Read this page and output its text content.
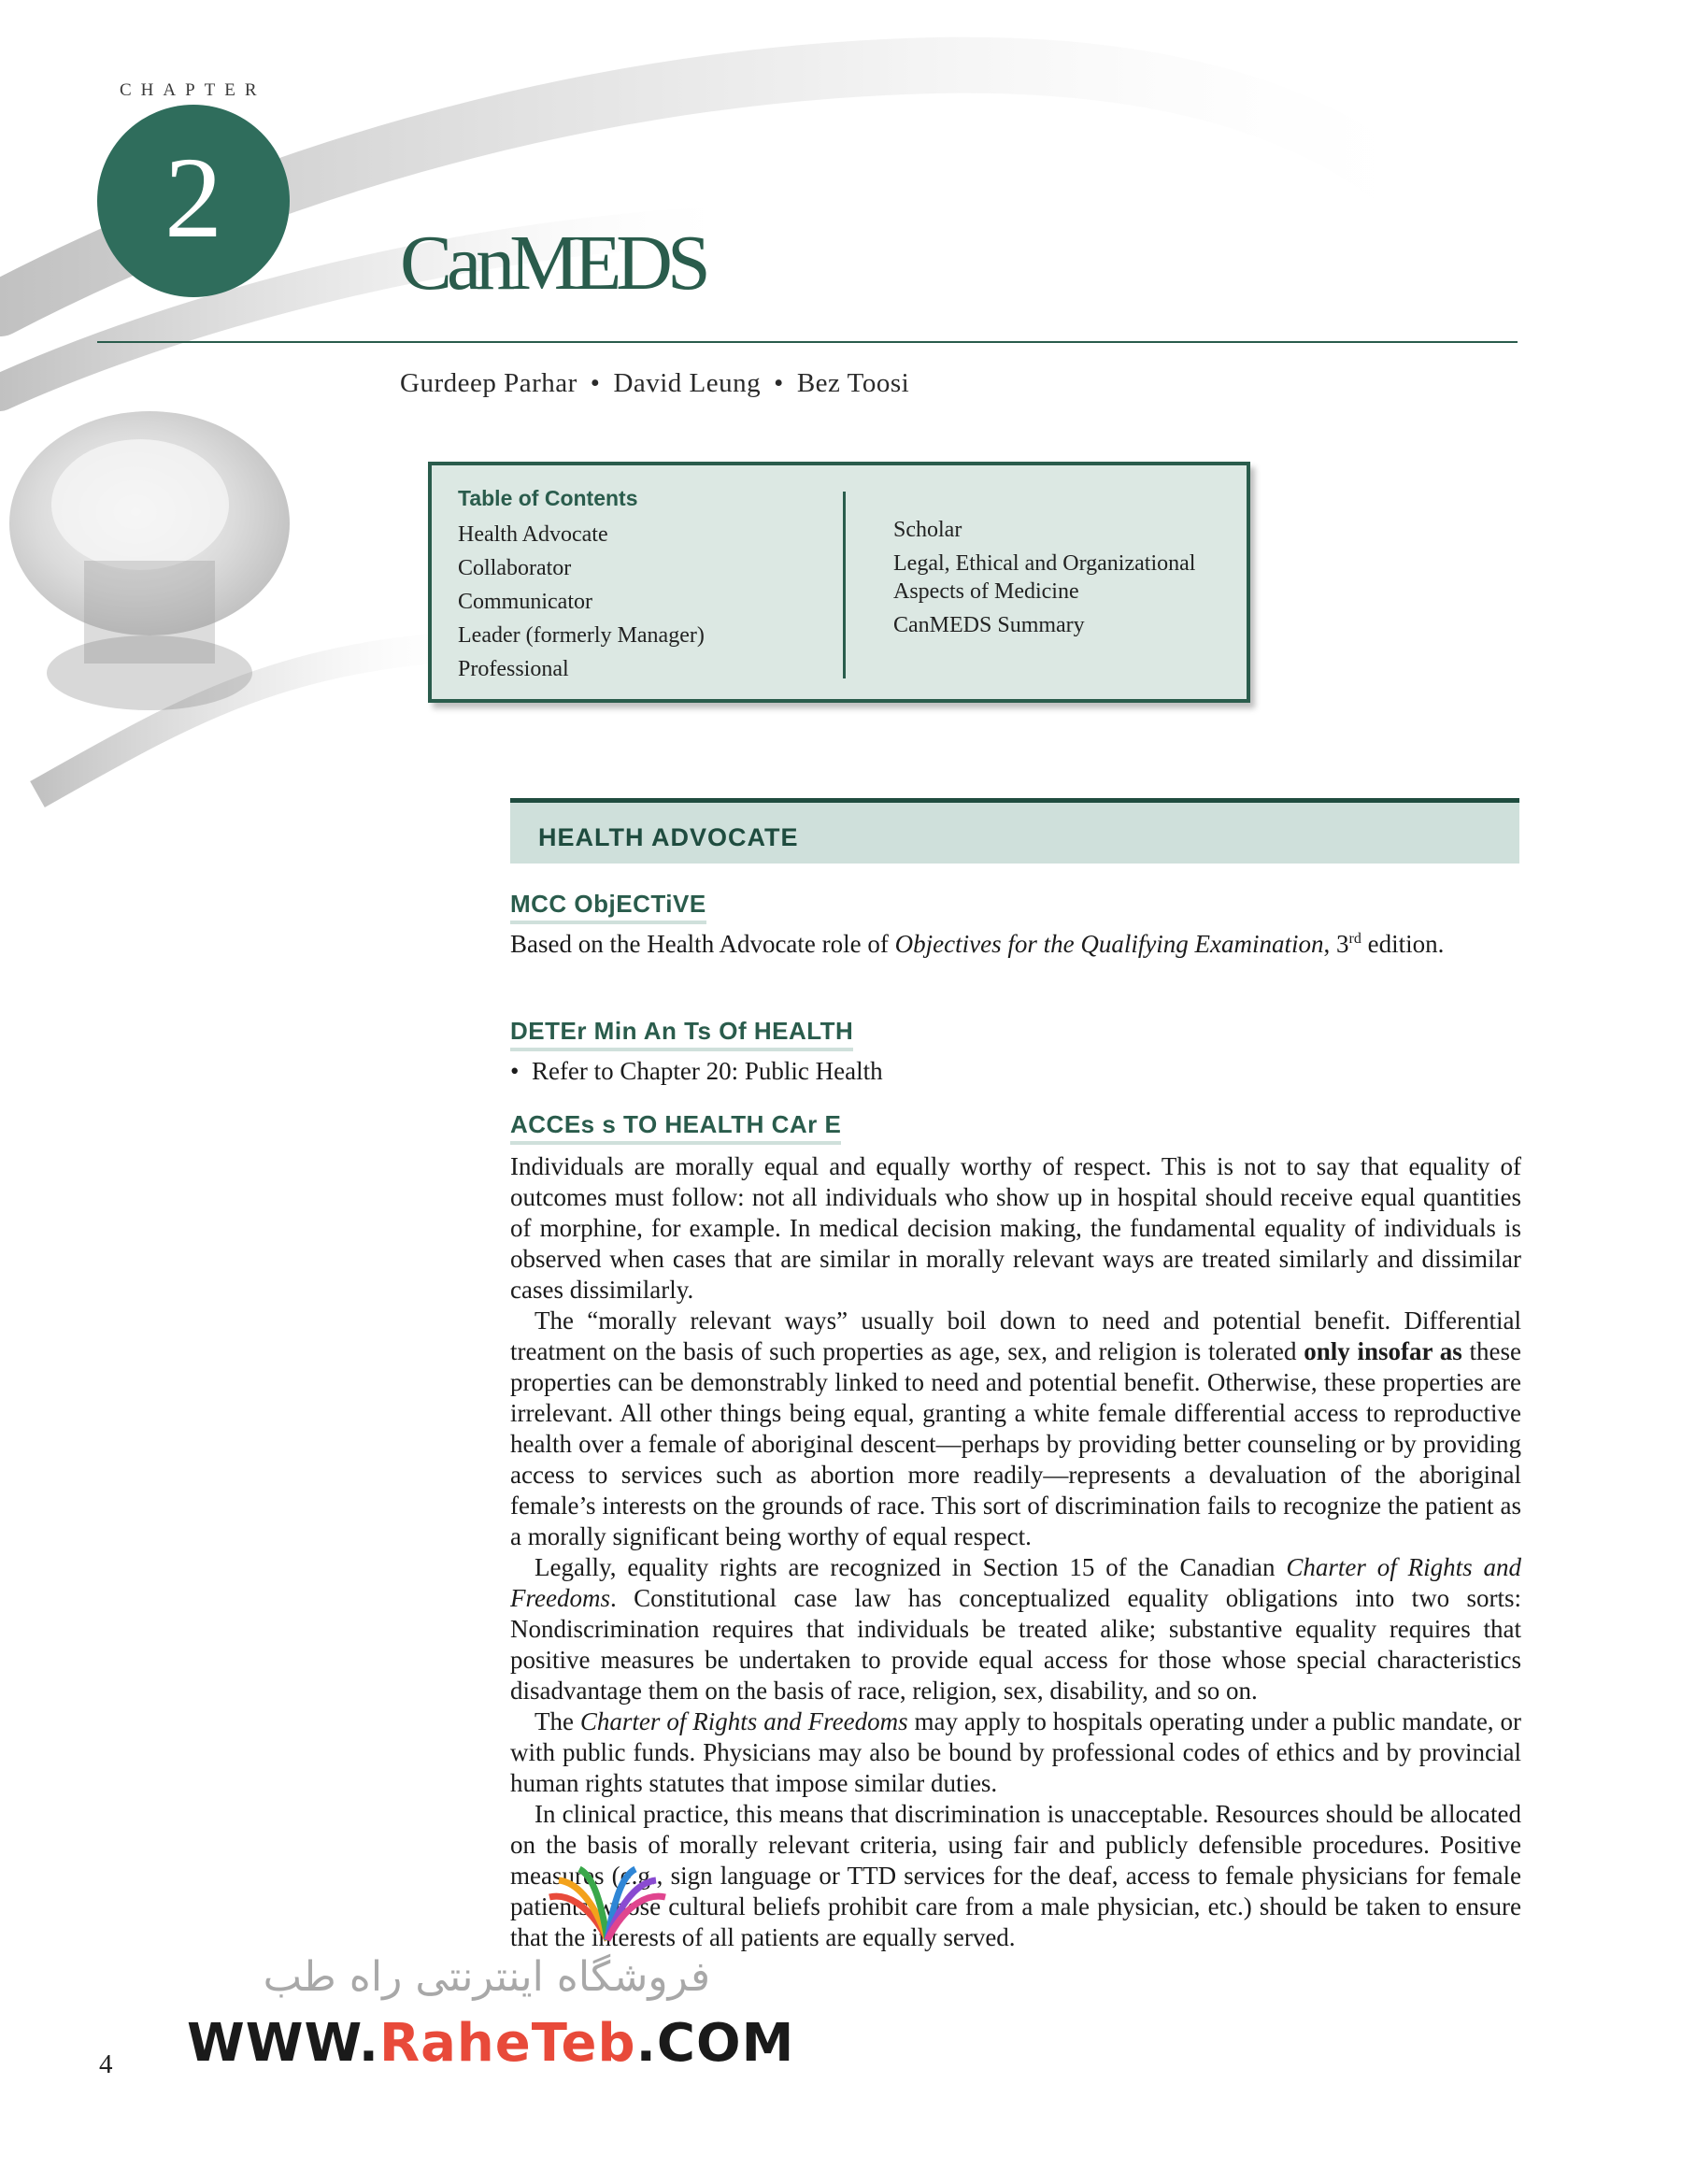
CHAPTER
2
CanMEDS
Gurdeep Parhar • David Leung • Bez Toosi
Table of Contents
Health Advocate
Collaborator
Communicator
Leader (formerly Manager)
Professional
Scholar
Legal, Ethical and Organizational Aspects of Medicine
CanMEDS Summary
HEALTH ADVOCATE
MCC ObjECTiVE

Based on the Health Advocate role of Objectives for the Qualifying Examination, 3rd edition.

DETEr Min An Ts Of HEALTH

• Refer to Chapter 20: Public Health

ACCEs s TO HEALTH CAr E

Individuals are morally equal and equally worthy of respect. This is not to say that equality of outcomes must follow: not all individuals who show up in hospital should receive equal quantities of morphine, for example. In medical decision making, the fundamental equality of individuals is observed when cases that are similar in morally relevant ways are treated similarly and dissimilar cases dissimilarly.

The “morally relevant ways” usually boil down to need and potential benefit. Differential treatment on the basis of such properties as age, sex, and religion is tolerated only insofar as these properties can be demonstrably linked to need and potential benefit. Otherwise, these properties are irrelevant. All other things being equal, granting a white female differential access to reproductive health over a female of aboriginal descent—perhaps by providing better counseling or by providing access to services such as abortion more readily—represents a devaluation of the aboriginal female’s interests on the grounds of race. This sort of discrimination fails to recognize the patient as a morally significant being worthy of equal respect.

Legally, equality rights are recognized in Section 15 of the Canadian Charter of Rights and Freedoms. Constitutional case law has conceptualized equality obligations into two sorts: Nondiscrimination requires that individuals be treated alike; substantive equality requires that positive measures be undertaken to provide equal access for those whose special characteristics disadvantage them on the basis of race, religion, sex, disability, and so on.

The Charter of Rights and Freedoms may apply to hospitals operating under a public mandate, or with public funds. Physicians may also be bound by professional codes of ethics and by provincial human rights statutes that impose similar duties.

In clinical practice, this means that discrimination is unacceptable. Resources should be allocated on the basis of morally relevant criteria, using fair and publicly defensible procedures. Positive measures (e.g., sign language or TTD services for the deaf, access to female physicians for female patients whose cultural beliefs prohibit care from a male physician, etc.) should be taken to ensure that the interests of all patients are equally served.

4
فروشگاه اینترنتی راه طب
WWW.RaheTeb.COM
